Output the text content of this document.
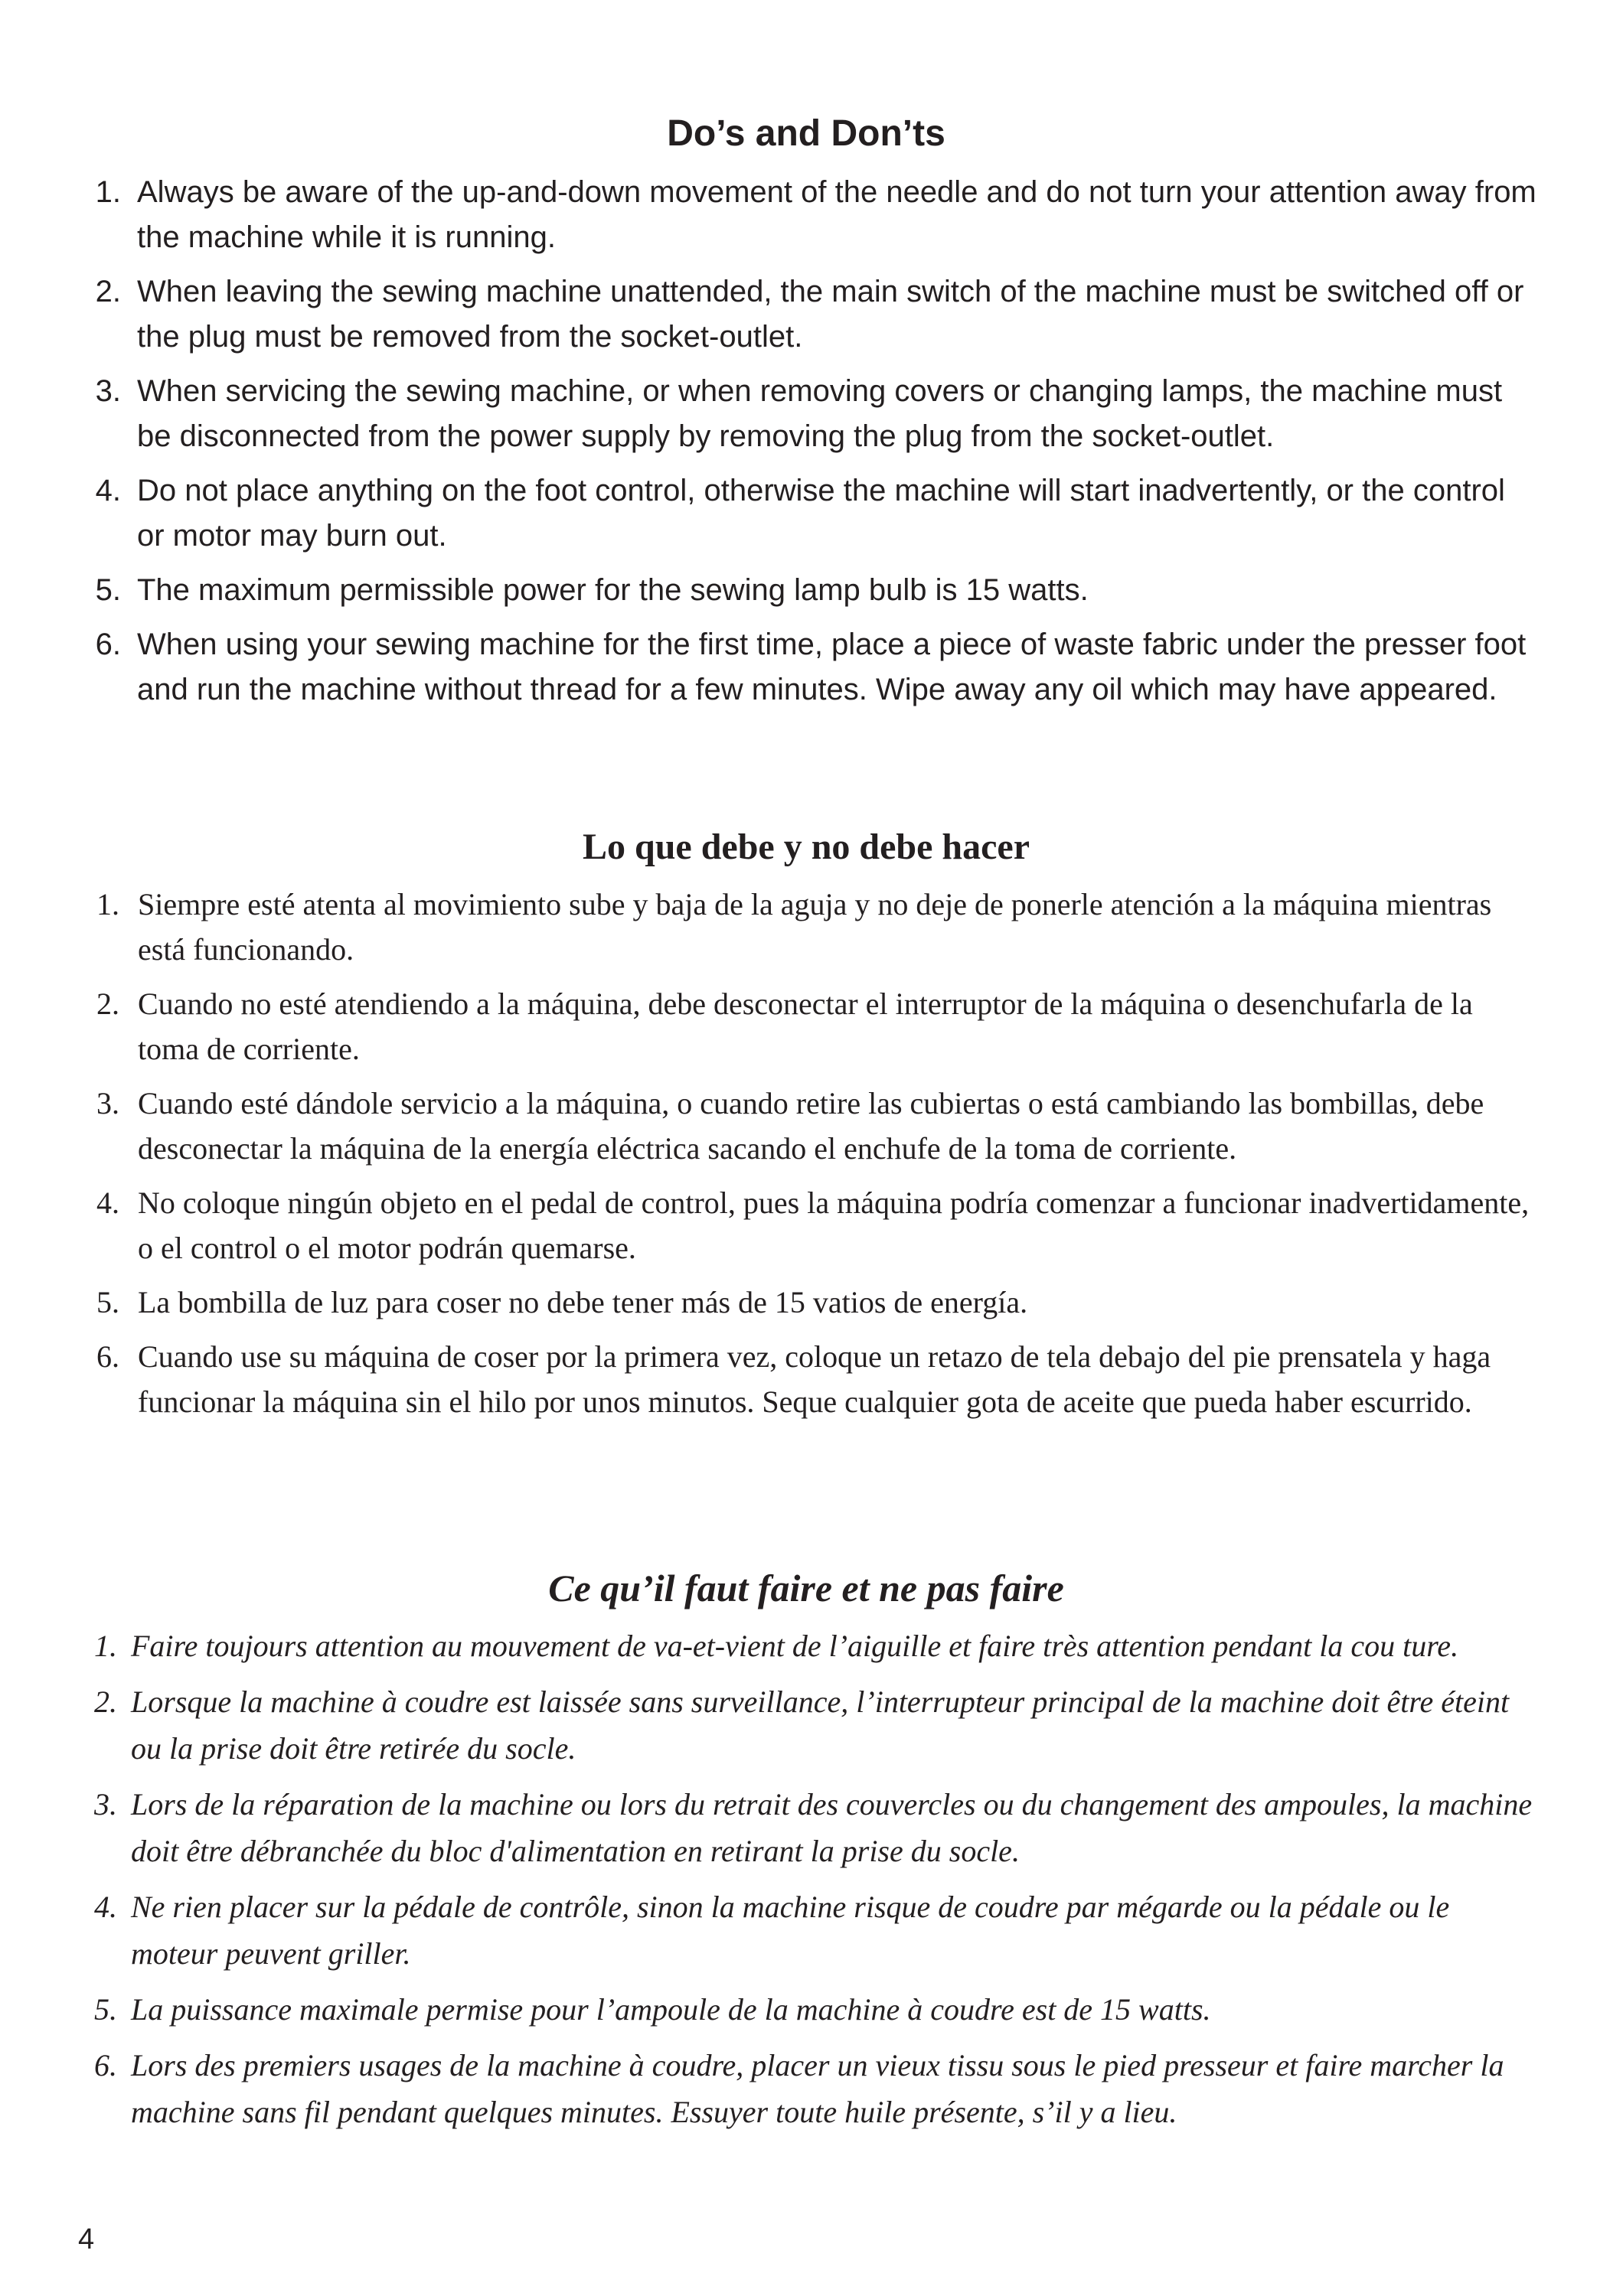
Do’s and Don’ts
1. Always be aware of the up-and-down movement of the needle and do not turn your attention away from the machine while it is running.
2. When leaving the sewing machine unattended, the main switch of the machine must be switched off or the plug must be removed from the socket-outlet.
3. When servicing the sewing machine, or when removing covers or changing lamps, the machine must be disconnected from the power supply by removing the plug from the socket-outlet.
4. Do not place anything on the foot control, otherwise the machine will start inadvertently, or the control or motor may burn out.
5. The maximum permissible power for the sewing lamp bulb is 15 watts.
6. When using your sewing machine for the first time, place a piece of waste fabric under the presser foot and run the machine without thread for a few minutes. Wipe away any oil which may have appeared.
Lo que debe y no debe hacer
1. Siempre esté atenta al movimiento sube y baja de la aguja y no deje de ponerle atención a la máquina mientras está funcionando.
2. Cuando no esté atendiendo a la máquina, debe desconectar el interruptor de la máquina o desenchufarla de la toma de corriente.
3. Cuando esté dándole servicio a la máquina, o cuando retire las cubiertas o está cambiando las bombillas, debe desconectar la máquina de la energía eléctrica sacando el enchufe de la toma de corriente.
4. No coloque ningún objeto en el pedal de control, pues la máquina podría comenzar a funcionar inadvertidamente, o el control o el motor podrán quemarse.
5. La bombilla de luz para coser no debe tener más de 15 vatios de energía.
6. Cuando use su máquina de coser por la primera vez, coloque un retazo de tela debajo del pie prensatela y haga funcionar la máquina sin el hilo por unos minutos. Seque cualquier gota de aceite que pueda haber escurrido.
Ce qu’il faut faire et ne pas faire
1. Faire toujours attention au mouvement de va-et-vient de l’aiguille et faire très attention pendant la cou ture.
2. Lorsque la machine à coudre est laissée sans surveillance, l’interrupteur principal de la machine doit être éteint ou la prise doit être retirée du socle.
3. Lors de la réparation de la machine ou lors du retrait des couvercles ou du changement des ampoules, la machine doit être débranchée du bloc d'alimentation en retirant la prise du socle.
4. Ne rien placer sur la pédale de contrôle, sinon la machine risque de coudre par mégarde ou la pédale ou le moteur peuvent griller.
5. La puissance maximale permise pour l’ampoule de la machine à coudre est de 15 watts.
6. Lors des premiers usages de la machine à coudre, placer un vieux tissu sous le pied presseur et faire marcher la machine sans fil pendant quelques minutes. Essuyer toute huile présente, s’il y a lieu.
4
